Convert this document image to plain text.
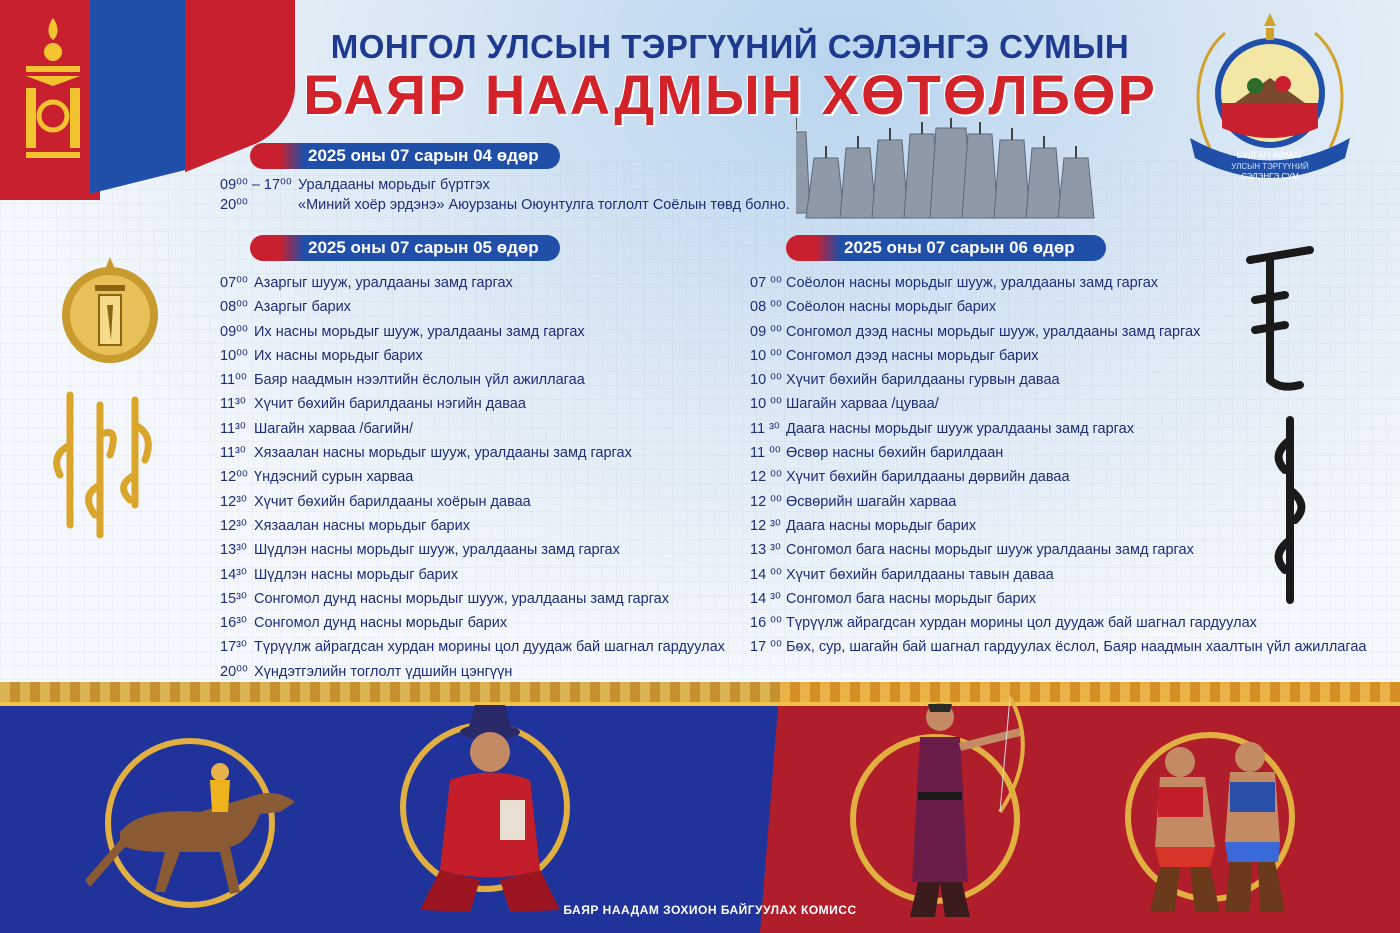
МОНГОЛ УЛСЫН ТЭРГҮҮНИЙ СЭЛЭНГЭ СУМЫН
БАЯР НААДМЫН ХӨТӨЛБӨР
БУЛГАН АЙМАГ
УЛСЫН ТЭРГҮҮНИЙ
СЭЛЭНГЭ СУМ
2025 оны 07 сарын 04 өдөр
09⁰⁰ – 17⁰⁰ Уралдааны морьдыг бүртгэх
20⁰⁰	«Миний хоёр эрдэнэ» Аюурзаны Оюунтулга тоглолт Соёлын төвд болно.
2025 оны 07 сарын 05 өдөр
07⁰⁰ Азаргыг шууж, уралдааны замд гаргах
08⁰⁰ Азаргыг барих
09⁰⁰ Их насны морьдыг шууж, уралдааны замд гаргах
10⁰⁰ Их насны морьдыг барих
11⁰⁰ Баяр наадмын нээлтийн ёслолын үйл ажиллагаа
11³⁰ Хүчит бөхийн барилдааны нэгийн даваа
11³⁰ Шагайн харваа /багийн/
11³⁰ Хязаалан насны морьдыг шууж, уралдааны замд гаргах
12⁰⁰ Үндэсний сурын харваа
12³⁰ Хүчит бөхийн барилдааны хоёрын даваа
12³⁰ Хязаалан насны морьдыг барих
13³⁰ Шүдлэн насны морьдыг шууж, уралдааны замд гаргах
14³⁰ Шүдлэн насны морьдыг барих
15³⁰ Сонгомол дунд насны морьдыг шууж, уралдааны замд гаргах
16³⁰ Сонгомол дунд насны морьдыг барих
17³⁰ Түрүүлж айрагдсан хурдан морины цол дуудаж бай шагнал гардуулах
20⁰⁰ Хүндэтгэлийн тоглолт үдшийн цэнгүүн
2025 оны 07 сарын 06 өдөр
07 ⁰⁰ Соёолон насны морьдыг шууж, уралдааны замд гаргах
08 ⁰⁰ Соёолон насны морьдыг барих
09 ⁰⁰ Сонгомол дээд насны морьдыг шууж, уралдааны замд гаргах
10 ⁰⁰ Сонгомол дээд насны морьдыг барих
10 ⁰⁰ Хүчит бөхийн барилдааны гурвын даваа
10 ⁰⁰ Шагайн харваа /цуваа/
11 ³⁰ Даага насны морьдыг шууж уралдааны замд гаргах
11 ⁰⁰ Өсвөр насны бөхийн барилдаан
12 ⁰⁰ Хүчит бөхийн барилдааны дөрвийн даваа
12 ⁰⁰ Өсвөрийн шагайн харваа
12 ³⁰ Даага насны морьдыг барих
13 ³⁰ Сонгомол бага насны морьдыг шууж уралдааны замд гаргах
14 ⁰⁰ Хүчит бөхийн барилдааны тавын даваа
14 ³⁰ Сонгомол бага насны морьдыг барих
16 ⁰⁰ Түрүүлж айрагдсан хурдан морины цол дуудаж бай шагнал гардуулах
17 ⁰⁰ Бөх, сур, шагайн бай шагнал гардуулах ёслол, Баяр наадмын хаалтын үйл ажиллагаа
БАЯР НААДАМ ЗОХИОН БАЙГУУЛАХ КОМИСС
